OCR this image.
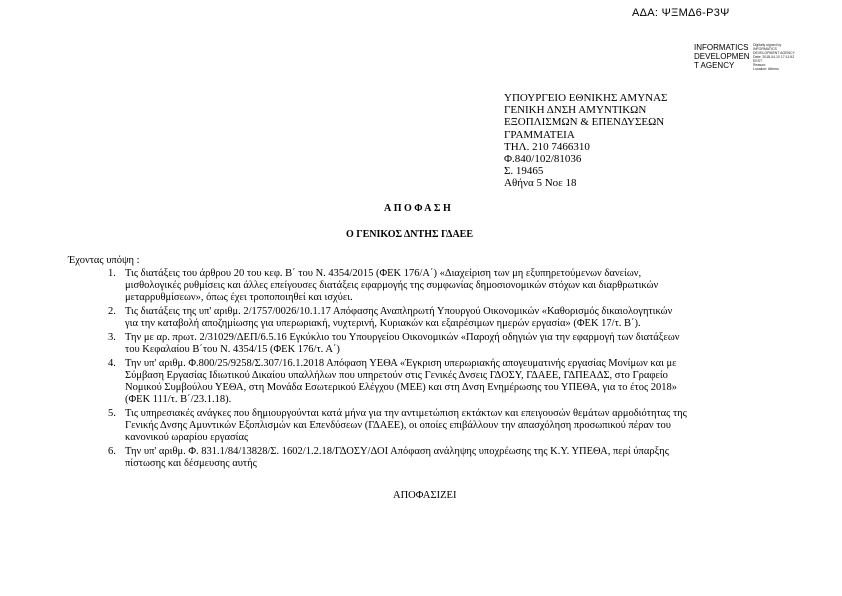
ΑΔΑ: ΨΞΜΔ6-Ρ3Ψ
INFORMATICS
DEVELOPMEN
T AGENCY
Digitally signed by
INFORMATICS
DEVELOPMENT AGENCY
Date: 2018.04.10 17:11:52
EEST
Reason:
Location: Athens
ΥΠΟΥΡΓΕΙΟ ΕΘΝΙΚΗΣ ΑΜΥΝΑΣ
ΓΕΝΙΚΗ ΔΝΣΗ ΑΜΥΝΤΙΚΩΝ
ΕΞΟΠΛΙΣΜΩΝ & ΕΠΕΝΔΥΣΕΩΝ
ΓΡΑΜΜΑΤΕΙΑ
ΤΗΛ. 210 7466310
Φ.840/102/81036
Σ. 19465
Αθήνα 5 Νοε 18
ΑΠΟΦΑΣΗ
Ο ΓΕΝΙΚΟΣ ΔΝΤΗΣ ΓΔΑΕΕ
Έχοντας υπόψη :
1. Τις διατάξεις του άρθρου 20 του κεφ. Β΄ του Ν. 4354/2015 (ΦΕΚ 176/Α΄) «Διαχείριση των μη εξυπηρετούμενων δανείων,
μισθολογικές ρυθμίσεις και άλλες επείγουσες διατάξεις εφαρμογής της συμφωνίας δημοσιονομικών στόχων και διαρθρωτικών
μεταρρυθμίσεων», όπως έχει τροποποιηθεί και ισχύει.
2. Τις διατάξεις της υπ' αριθμ. 2/1757/0026/10.1.17 Απόφασης Αναπληρωτή Υπουργού Οικονομικών «Καθορισμός δικαιολογητικών
για την καταβολή αποζημίωσης για υπερωριακή, νυχτερινή, Κυριακών και εξαιρέσιμων ημερών εργασία» (ΦΕΚ 17/τ. Β΄).
3. Την με αρ. πρωτ. 2/31029/ΔΕΠ/6.5.16 Εγκύκλιο του Υπουργείου Οικονομικών «Παροχή οδηγιών για την εφαρμογή των διατάξεων
του Κεφαλαίου Β΄του Ν. 4354/15 (ΦΕΚ 176/τ. Α΄)
4. Την υπ' αριθμ. Φ.800/25/9258/Σ.307/16.1.2018 Απόφαση ΥΕΘΑ «Έγκριση υπερωριακής απογευματινής εργασίας Μονίμων και με
Σύμβαση Εργασίας Ιδιωτικού Δικαίου υπαλλήλων που υπηρετούν στις Γενικές Δνσεις ΓΔΟΣΥ, ΓΔΑΕΕ, ΓΔΠΕΑΔΣ, στο Γραφείο
Νομικού Συμβούλου ΥΕΘΑ, στη Μονάδα Εσωτερικού Ελέγχου (ΜΕΕ) και στη Δνση Ενημέρωσης του ΥΠΕΘΑ, για το έτος 2018»
(ΦΕΚ 111/τ. Β΄/23.1.18).
5. Τις υπηρεσιακές ανάγκες που δημιουργούνται κατά μήνα για την αντιμετώπιση εκτάκτων και επειγουσών θεμάτων αρμοδιότητας της
Γενικής Δνσης Αμυντικών Εξοπλισμών και Επενδύσεων (ΓΔΑΕΕ), οι οποίες επιβάλλουν την απασχόληση προσωπικού πέραν του
κανονικού ωραρίου εργασίας
6. Την υπ' αριθμ. Φ. 831.1/84/13828/Σ. 1602/1.2.18/ΓΔΟΣΥ/ΔΟΙ Απόφαση ανάληψης υποχρέωσης της Κ.Υ. ΥΠΕΘΑ, περί ύπαρξης
πίστωσης και δέσμευσης αυτής
ΑΠΟΦΑΣΙΖΕΙ
